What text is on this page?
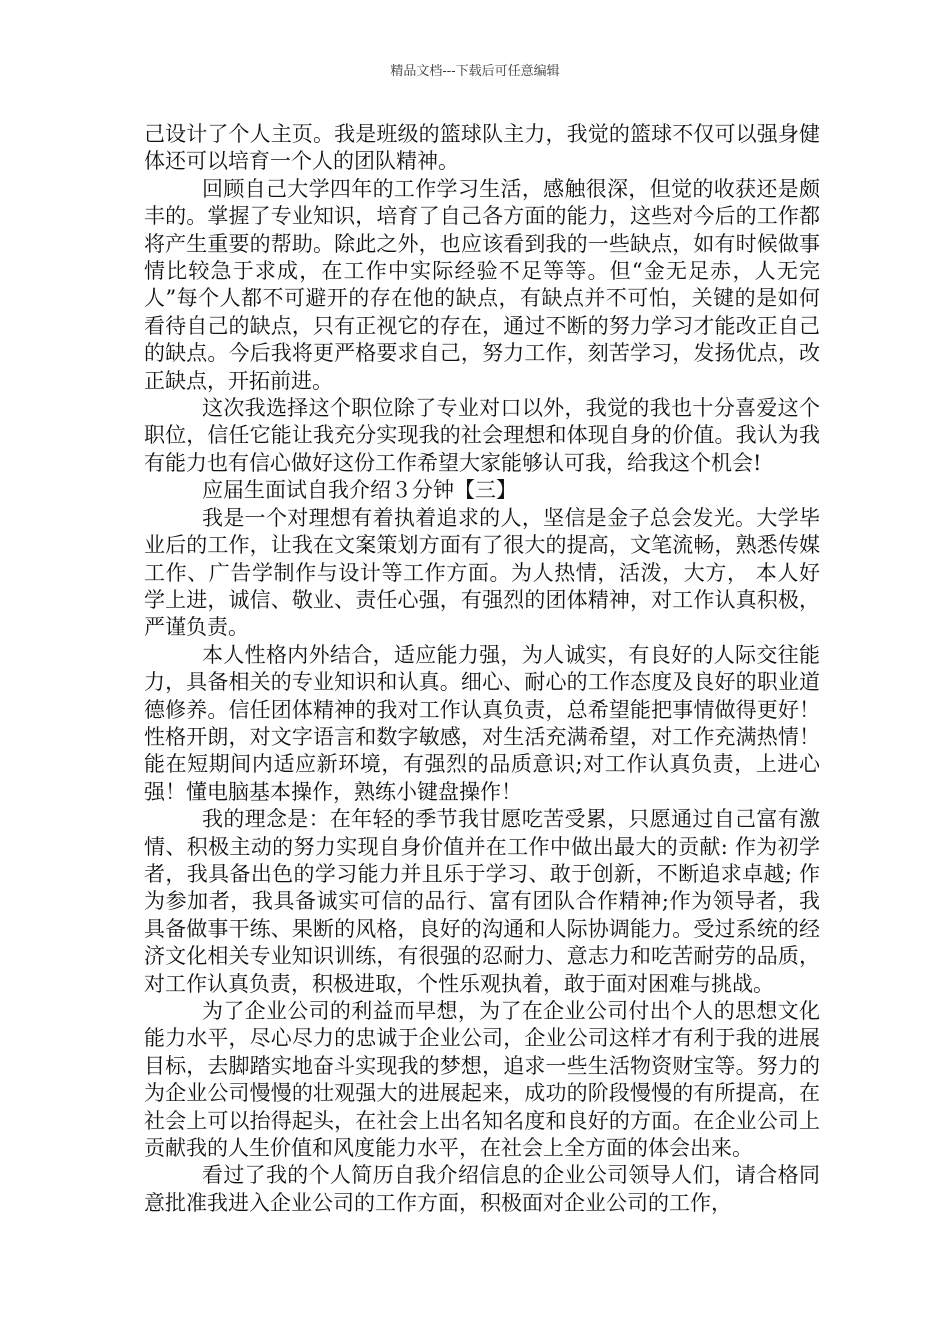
精品文档---下载后可任意编辑

己设计了个人主页。我是班级的篮球队主力，我觉的篮球不仅可以强身健体还可以培育一个人的团队精神。

回顾自己大学四年的工作学习生活，感触很深，但觉的收获还是颇丰的。掌握了专业知识，培育了自己各方面的能力，这些对今后的工作都将产生重要的帮助。除此之外，也应该看到我的一些缺点，如有时候做事情比较急于求成，在工作中实际经验不足等等。但“金无足赤，人无完人”每个人都不可避开的存在他的缺点，有缺点并不可怕，关键的是如何看待自己的缺点，只有正视它的存在，通过不断的努力学习才能改正自己的缺点。今后我将更严格要求自己，努力工作，刻苦学习，发扬优点，改正缺点，开拓前进。

这次我选择这个职位除了专业对口以外，我觉的我也十分喜爱这个职位，信任它能让我充分实现我的社会理想和体现自身的价值。我认为我有能力也有信心做好这份工作希望大家能够认可我，给我这个机会!

应届生面试自我介绍３分钟【三】

我是一个对理想有着执着追求的人，坚信是金子总会发光。大学毕业后的工作，让我在文案策划方面有了很大的提高，文笔流畅，熟悉传媒工作、广告学制作与设计等工作方面。为人热情，活泼，大方， 本人好学上进，诚信、敬业、责任心强，有强烈的团体精神，对工作认真积极，严谨负责。

本人性格内外结合，适应能力强，为人诚实，有良好的人际交往能力，具备相关的专业知识和认真。细心、耐心的工作态度及良好的职业道德修养。信任团体精神的我对工作认真负责，总希望能把事情做得更好！性格开朗，对文字语言和数字敏感，对生活充满希望，对工作充满热情！能在短期间内适应新环境，有强烈的品质意识;对工作认真负责，上进心强！懂电脑基本操作，熟练小键盘操作！

我的理念是：在年轻的季节我甘愿吃苦受累，只愿通过自己富有激情、积极主动的努力实现自身价值并在工作中做出最大的贡献: 作为初学者，我具备出色的学习能力并且乐于学习、敢于创新，不断追求卓越; 作为参加者，我具备诚实可信的品行、富有团队合作精神;作为领导者，我具备做事干练、果断的风格，良好的沟通和人际协调能力。受过系统的经济文化相关专业知识训练，有很强的忍耐力、意志力和吃苦耐劳的品质，对工作认真负责，积极进取，个性乐观执着，敢于面对困难与挑战。

为了企业公司的利益而早想，为了在企业公司付出个人的思想文化能力水平，尽心尽力的忠诚于企业公司，企业公司这样才有利于我的进展目标，去脚踏实地奋斗实现我的梦想，追求一些生活物资财宝等。努力的为企业公司慢慢的壮观强大的进展起来，成功的阶段慢慢的有所提高，在社会上可以抬得起头，在社会上出名知名度和良好的方面。在企业公司上贡献我的人生价值和风度能力水平，在社会上全方面的体会出来。

看过了我的个人简历自我介绍信息的企业公司领导人们，请合格同意批准我进入企业公司的工作方面，积极面对企业公司的工作，
